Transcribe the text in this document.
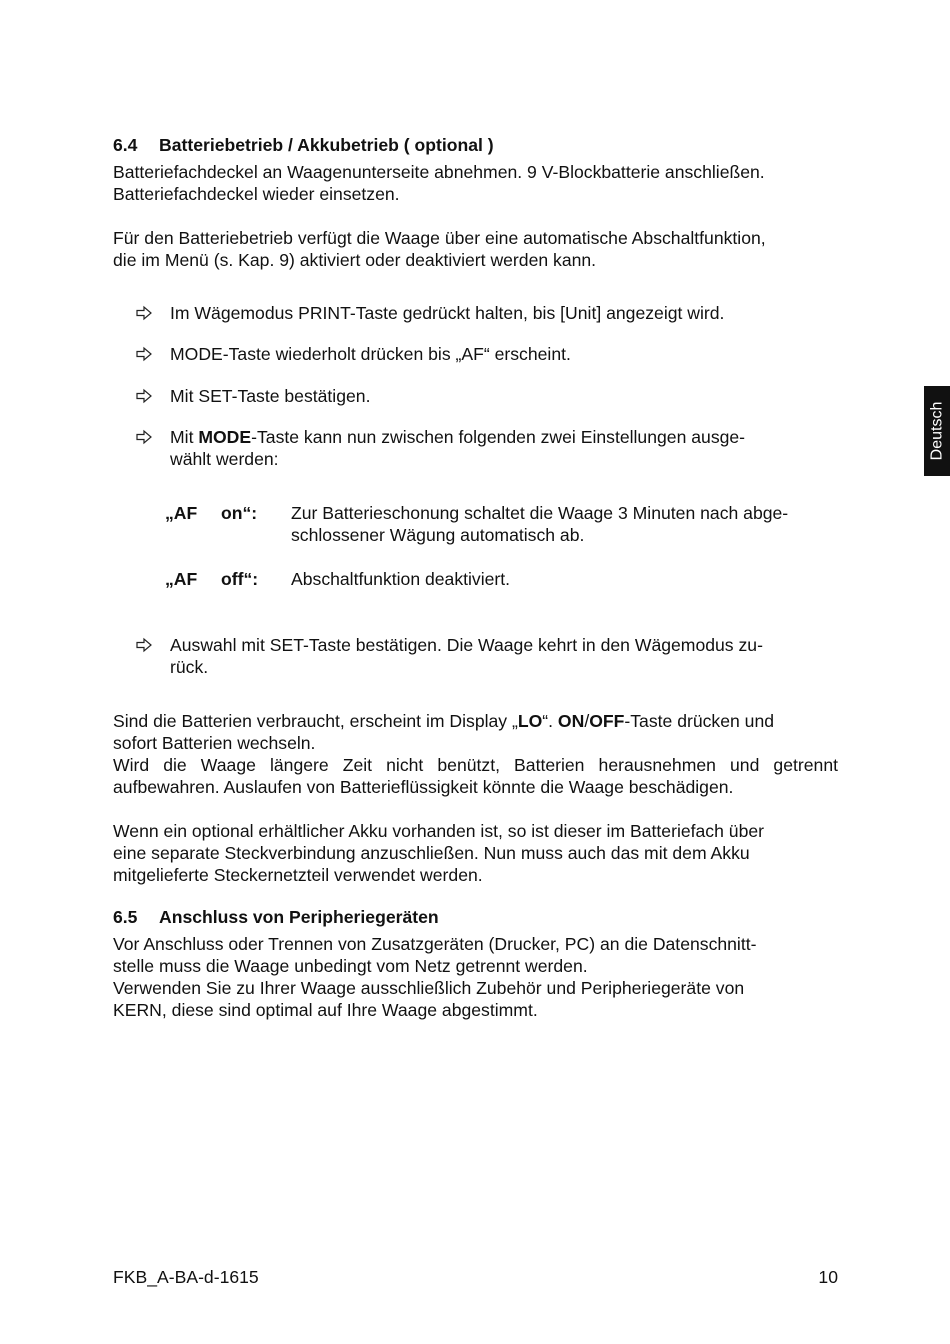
Deutsch
6.4 Batteriebetrieb / Akkubetrieb ( optional )

Batteriefachdeckel an Waagenunterseite abnehmen. 9 V-Blockbatterie anschließen.

Batteriefachdeckel wieder einsetzen.

Für den Batteriebetrieb verfügt die Waage über eine automatische Abschaltfunktion,

die im Menü (s. Kap. 9) aktiviert oder deaktiviert werden kann.

Im Wägemodus PRINT-Taste gedrückt halten, bis [Unit] angezeigt wird.
MODE-Taste wiederholt drücken bis „AF“ erscheint.
Mit SET-Taste bestätigen.

Mit MODE-Taste kann nun zwischen folgenden zwei Einstellungen ausge-

wählt werden:

„AF on“: Zur Batterieschonung schaltet die Waage 3 Minuten nach abge-

schlossener Wägung automatisch ab.

„AF off“: Abschaltfunktion deaktiviert.

Auswahl mit SET-Taste bestätigen. Die Waage kehrt in den Wägemodus zu-

rück.

Sind die Batterien verbraucht, erscheint im Display „LO“. ON/OFF-Taste drücken und

sofort Batterien wechseln.

Wird die Waage längere Zeit nicht benützt, Batterien herausnehmen und getrennt aufbewahren. Auslaufen von Batterieflüssigkeit könnte die Waage beschädigen.

Wenn ein optional erhältlicher Akku vorhanden ist, so ist dieser im Batteriefach über

eine separate Steckverbindung anzuschließen. Nun muss auch das mit dem Akku

mitgelieferte Steckernetzteil verwendet werden.

6.5 Anschluss von Peripheriegeräten

Vor Anschluss oder Trennen von Zusatzgeräten (Drucker, PC) an die Datenschnitt-

stelle muss die Waage unbedingt vom Netz getrennt werden.

Verwenden Sie zu Ihrer Waage ausschließlich Zubehör und Peripheriegeräte von

KERN, diese sind optimal auf Ihre Waage abgestimmt.

FKB_A-BA-d-1615	10
